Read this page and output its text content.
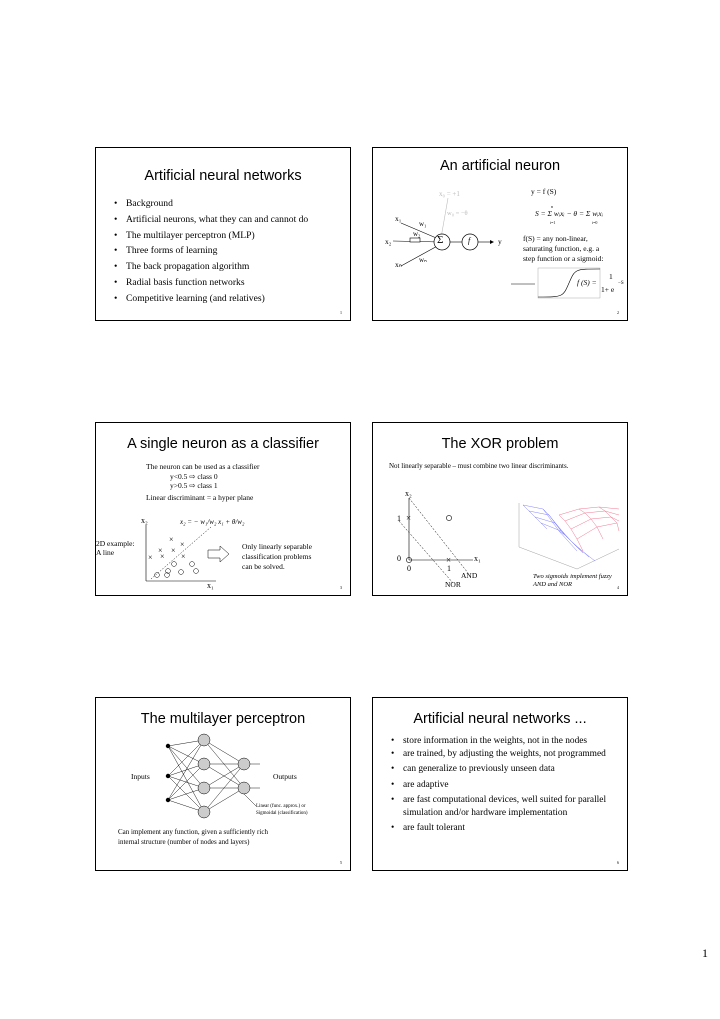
Artificial neural networks
• Background
• Artificial neurons, what they can and cannot do
• The multilayer perceptron (MLP)
• Three forms of learning
• The back propagation algorithm
• Radial basis function networks
• Competitive learning (and relatives)
1
An artificial neuron
x₀ = +1
w₀ = −θ
x₁
w₁
w₂
x₂
xₙ wₙ
Σ	f	y
y = f (S)
n
S = Σ wᵢxᵢ − θ = Σ wᵢxᵢ
i=1	i=0
f(S) = any non-linear,
saturating function, e.g. a
step function or a sigmoid:
1
f (S) =
1+ e
−S
2
A single neuron as a classifier
The neuron can be used as a classifier
y<0.5 ⇨ class 0
y>0.5 ⇨ class 1
Linear discriminant = a hyper plane
×
×
× ×
×
× ×
x₂
x₁
x₂ = − w₁/w₂ x₁ + θ/w₂
2D example:
A line
Only linearly separable
classification problems
can be solved.
3
The XOR problem
Not linearly separable – must combine two linear discriminants.
×
×
x₂
x₁
1
0
0	1
AND
NOR
Two sigmoids implement fuzzy
AND and NOR	4
The multilayer perceptron
Inputs	Outputs
Linear (func. approx.) or
Sigmoidal (classification)
Can implement any function, given a sufficiently rich
internal structure (number of nodes and layers)
5
Artificial neural networks ...
• store information in the weights, not in the nodes
• are trained, by adjusting the weights, not programmed
• can generalize to previously unseen data
• are adaptive
• are fast computational devices, well suited for parallel simulation and/or hardware implementation
• are fault tolerant
6
1
